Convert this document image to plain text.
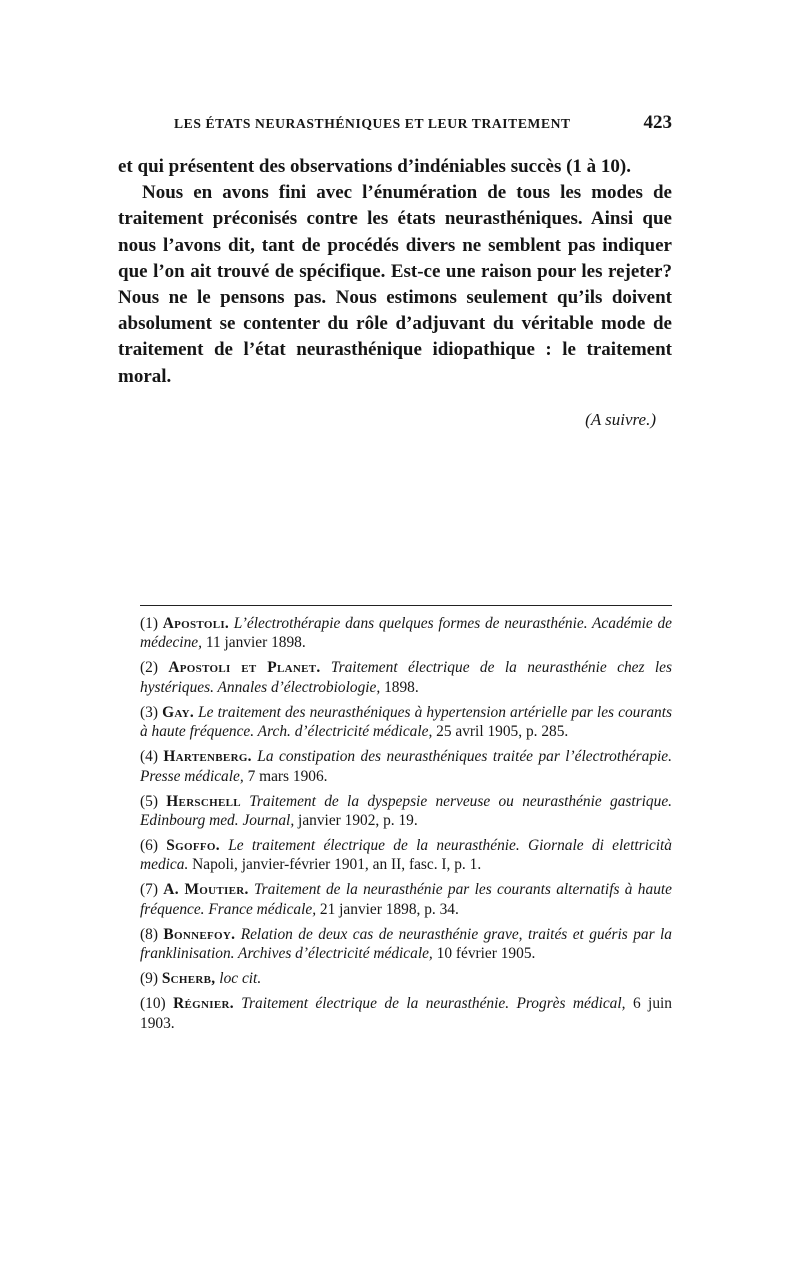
LES ÉTATS NEURASTHÉNIQUES ET LEUR TRAITEMENT	423

et qui présentent des observations d’indéniables succès (1 à 10).

Nous en avons fini avec l’énumération de tous les modes de traitement préconisés contre les états neurasthéniques. Ainsi que nous l’avons dit, tant de procédés divers ne semblent pas indiquer que l’on ait trouvé de spécifique. Est-ce une raison pour les rejeter? Nous ne le pensons pas. Nous estimons seulement qu’ils doivent absolument se contenter du rôle d’adjuvant du véritable mode de traitement de l’état neurasthénique idiopathique : le traitement moral.

(A suivre.)

(1) Apostoli. L’électrothérapie dans quelques formes de neurasthénie. Académie de médecine, 11 janvier 1898.

(2) Apostoli et Planet. Traitement électrique de la neurasthénie chez les hystériques. Annales d’électrobiologie, 1898.

(3) Gay. Le traitement des neurasthéniques à hypertension artérielle par les courants à haute fréquence. Arch. d’électricité médicale, 25 avril 1905, p. 285.

(4) Hartenberg. La constipation des neurasthéniques traitée par l’électrothérapie. Presse médicale, 7 mars 1906.

(5) Herschell Traitement de la dyspepsie nerveuse ou neurasthénie gastrique. Edinbourg med. Journal, janvier 1902, p. 19.

(6) Sgoffo. Le traitement électrique de la neurasthénie. Giornale di elettricità medica. Napoli, janvier-février 1901, an II, fasc. I, p. 1.

(7) A. Moutier. Traitement de la neurasthénie par les courants alternatifs à haute fréquence. France médicale, 21 janvier 1898, p. 34.

(8) Bonnefoy. Relation de deux cas de neurasthénie grave, traités et guéris par la franklinisation. Archives d’électricité médicale, 10 février 1905.

(9) Scherb, loc cit.

(10) Régnier. Traitement électrique de la neurasthénie. Progrès médical, 6 juin 1903.
